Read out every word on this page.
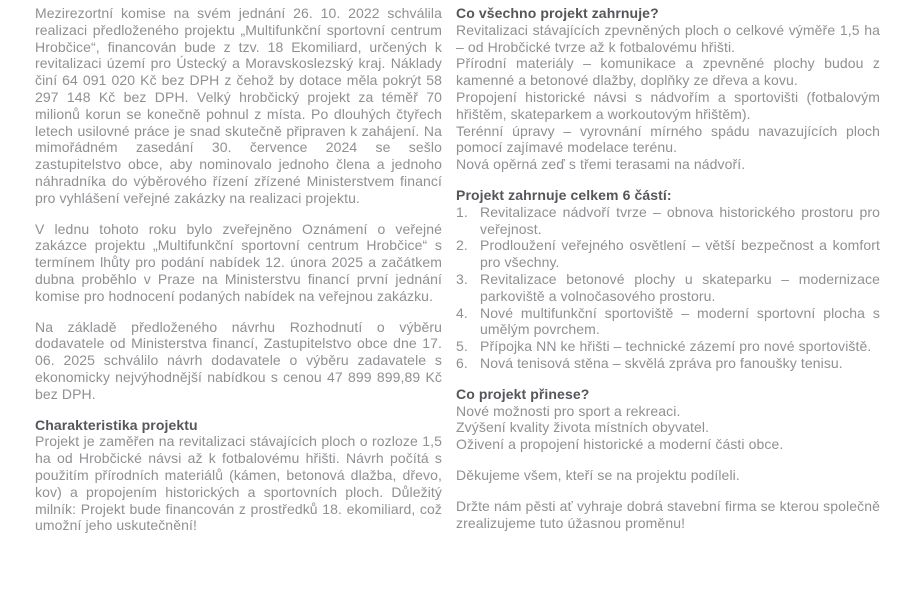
Mezirezortní komise na svém jednání 26. 10. 2022 schválila realizaci předloženého projektu „Multifunkční sportovní centrum Hrobčice“, financován bude z tzv. 18 Ekomiliard, určených k revitalizaci území pro Ústecký a Moravskoslezský kraj. Náklady činí 64 091 020 Kč bez DPH z čehož by dotace měla pokrýt 58 297 148 Kč bez DPH. Velký hrobčický projekt za téměř 70 milionů korun se konečně pohnul z místa. Po dlouhých čtyřech letech usilovné práce je snad skutečně připraven k zahájení. Na mimořádném zasedání 30. července 2024 se sešlo zastupitelstvo obce, aby nominovalo jednoho člena a jednoho náhradníka do výběrového řízení zřízené Ministerstvem financí pro vyhlášení veřejné zakázky na realizaci projektu.

V lednu tohoto roku bylo zveřejněno Oznámení o veřejné zakázce projektu „Multifunkční sportovní centrum Hrobčice“ s termínem lhůty pro podání nabídek 12. února 2025 a začátkem dubna proběhlo v Praze na Ministerstvu financí první jednání komise pro hodnocení podaných nabídek na veřejnou zakázku.

Na základě předloženého návrhu Rozhodnutí o výběru dodavatele od Ministerstva financí, Zastupitelstvo obce dne 17. 06. 2025 schválilo návrh dodavatele o výběru zadavatele s ekonomicky nejvýhodnější nabídkou s cenou 47 899 899,89 Kč bez DPH.

Charakteristika projektu

Projekt je zaměřen na revitalizaci stávajících ploch o rozloze 1,5 ha od Hrobčické návsi až k fotbalovému hřišti. Návrh počítá s použitím přírodních materiálů (kámen, betonová dlažba, dřevo, kov) a propojením historických a sportovních ploch. Důležitý milník: Projekt bude financován z prostředků 18. ekomiliard, což umožní jeho uskutečnění!

Co všechno projekt zahrnuje?

Revitalizaci stávajících zpevněných ploch o celkové výměře 1,5 ha – od Hrobčické tvrze až k fotbalovému hřišti.

Přírodní materiály – komunikace a zpevněné plochy budou z kamenné a betonové dlažby, doplňky ze dřeva a kovu.

Propojení historické návsi s nádvořím a sportovišti (fotbalovým hřištěm, skateparkem a workoutovým hřištěm).

Terénní úpravy – vyrovnání mírného spádu navazujících ploch pomocí zajímavé modelace terénu.

Nová opěrná zeď s třemi terasami na nádvoří.

Projekt zahrnuje celkem 6 částí:
1. Revitalizace nádvoří tvrze – obnova historického prostoru pro veřejnost.
2. Prodloužení veřejného osvětlení – větší bezpečnost a komfort pro všechny.
3. Revitalizace betonové plochy u skateparku – modernizace parkoviště a volnočasového prostoru.
4. Nové multifunkční sportoviště – moderní sportovní plocha s umělým povrchem.
5. Přípojka NN ke hřišti – technické zázemí pro nové sportoviště.
6. Nová tenisová stěna – skvělá zpráva pro fanoušky tenisu.
Co projekt přinese?

Nové možnosti pro sport a rekreaci.

Zvýšení kvality života místních obyvatel.

Oživení a propojení historické a moderní části obce.

Děkujeme všem, kteří se na projektu podíleli.

Držte nám pěsti ať vyhraje dobrá stavební firma se kterou společně zrealizujeme tuto úžasnou proměnu!
